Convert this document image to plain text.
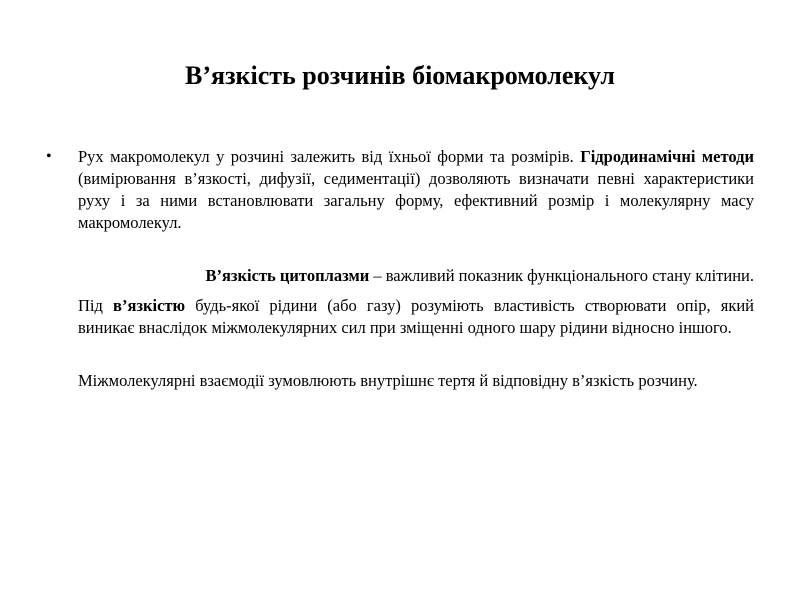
В’язкість розчинів біомакромолекул

• Рух макромолекул у розчині залежить від їхньої форми та розмірів. Гідродинамічні методи (вимірювання в’язкості, дифузії, седиментації) дозволяють визначати певні характеристики руху і за ними встановлювати загальну форму, ефективний розмір і молекулярну масу макромолекул.

В’язкість цитоплазми – важливий показник функціонального стану клітини.

Під в’язкістю будь-якої рідини (або газу) розуміють властивість створювати опір, який виникає внаслідок міжмолекулярних сил при зміщенні одного шару рідини відносно іншого.

Міжмолекулярні взаємодії зумовлюють внутрішнє тертя й відповідну в’язкість розчину.
